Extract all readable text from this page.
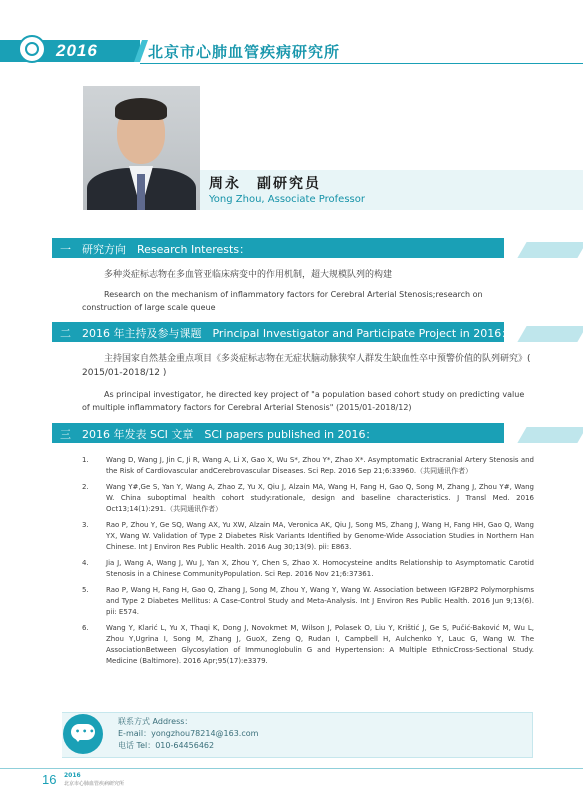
2016	北京市心肺血管疾病研究所
周永　副研究员
Yong Zhou, Associate Professor
一　研究方向　Research Interests：
多种炎症标志物在多血管亚临床病变中的作用机制，超大规模队列的构建
Research on the mechanism of inflammatory factors for Cerebral Arterial Stenosis;research on construction of large scale queue
二　2016 年主持及参与课题　Principal Investigator and Participate Project in 2016：
主持国家自然基金重点项目《多炎症标志物在无症状脑动脉狭窄人群发生缺血性卒中预警价值的队列研究》( 2015/01-2018/12 )
As principal investigator, he directed key project of "a population based cohort study on predicting value of multiple inflammatory factors for Cerebral Arterial Stenosis" (2015/01-2018/12)
三　2016 年发表 SCI 文章　SCI papers published in 2016：
1. Wang D, Wang J, Jin C, Ji R, Wang A, Li X, Gao X, Wu S*, Zhou Y*, Zhao X*. Asymptomatic Extracranial Artery Stenosis and the Risk of Cardiovascular andCerebrovascular Diseases. Sci Rep. 2016 Sep 21;6:33960.（共同通讯作者）
2. Wang Y#,Ge S, Yan Y, Wang A, Zhao Z, Yu X, Qiu J, Alzain MA, Wang H, Fang H, Gao Q, Song M, Zhang J, Zhou Y#, Wang W. China suboptimal health cohort study:rationale, design and baseline characteristics. J Transl Med. 2016 Oct13;14(1):291.（共同通讯作者）
3. Rao P, Zhou Y, Ge SQ, Wang AX, Yu XW, Alzain MA, Veronica AK, Qiu J, Song MS, Zhang J, Wang H, Fang HH, Gao Q, Wang YX, Wang W. Validation of Type 2 Diabetes Risk Variants Identified by Genome-Wide Association Studies in Northern Han Chinese. Int J Environ Res Public Health. 2016 Aug 30;13(9). pii: E863.
4. Jia J, Wang A, Wang J, Wu J, Yan X, Zhou Y, Chen S, Zhao X. Homocysteine andIts Relationship to Asymptomatic Carotid Stenosis in a Chinese CommunityPopulation. Sci Rep. 2016 Nov 21;6:37361.
5. Rao P, Wang H, Fang H, Gao Q, Zhang J, Song M, Zhou Y, Wang Y, Wang W. Association between IGF2BP2 Polymorphisms and Type 2 Diabetes Mellitus: A Case-Control Study and Meta-Analysis. Int J Environ Res Public Health. 2016 Jun 9;13(6). pii: E574.
6. Wang Y, Klarić L, Yu X, Thaqi K, Dong J, Novokmet M, Wilson J, Polasek O, Liu Y, Krištić J, Ge S, Pučić-Baković M, Wu L, Zhou Y,Ugrina I, Song M, Zhang J, GuoX, Zeng Q, Rudan I, Campbell H, Aulchenko Y, Lauc G, Wang W. The AssociationBetween Glycosylation of Immunoglobulin G and Hypertension: A Multiple EthnicCross-Sectional Study. Medicine (Baltimore). 2016 Apr;95(17):e3379.
•••
联系方式 Address：
E-mail：yongzhou78214@163.com
电话 Tel：010-64456462
16 2016
北京市心肺血管疾病研究所
